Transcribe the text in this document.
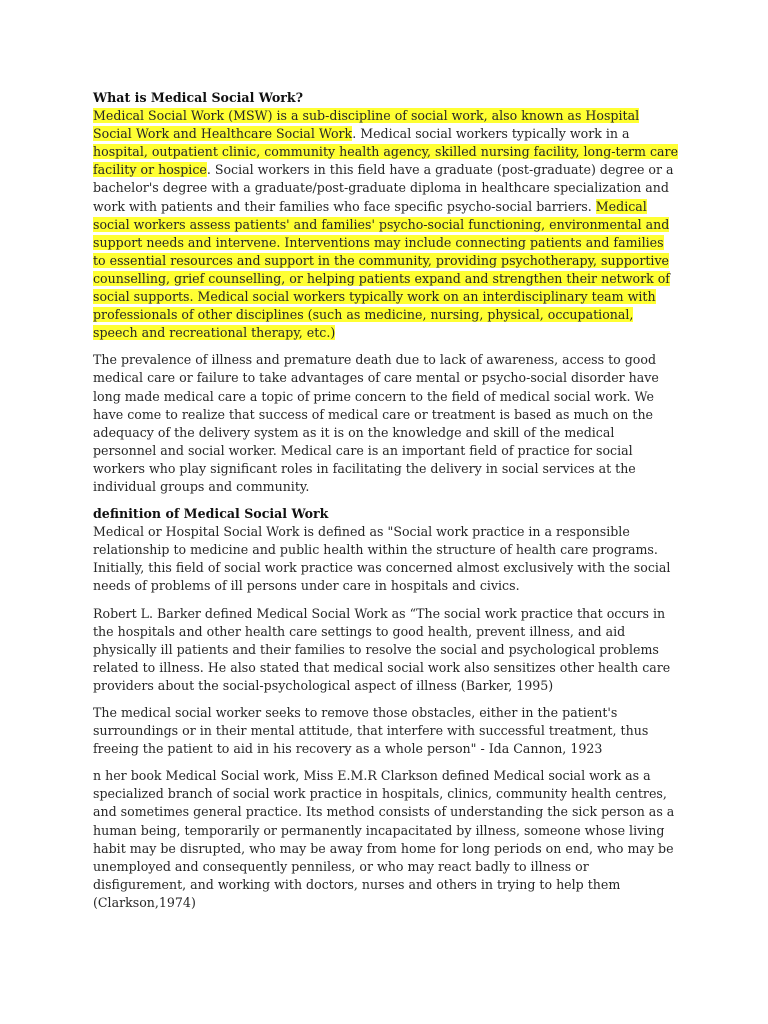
What is Medical Social Work?

Medical Social Work (MSW) is a sub-discipline of social work, also known as Hospital Social Work and Healthcare Social Work. Medical social workers typically work in a hospital, outpatient clinic, community health agency, skilled nursing facility, long-term care facility or hospice. Social workers in this field have a graduate (post-graduate) degree or a bachelor's degree with a graduate/post-graduate diploma in healthcare specialization and work with patients and their families who face specific psycho-social barriers. Medical social workers assess patients' and families' psycho-social functioning, environmental and support needs and intervene. Interventions may include connecting patients and families to essential resources and support in the community, providing psychotherapy, supportive counselling, grief counselling, or helping patients expand and strengthen their network of social supports. Medical social workers typically work on an interdisciplinary team with professionals of other disciplines (such as medicine, nursing, physical, occupational, speech and recreational therapy, etc.)

The prevalence of illness and premature death due to lack of awareness, access to good medical care or failure to take advantages of care mental or psycho-social disorder have long made medical care a topic of prime concern to the field of medical social work. We have come to realize that success of medical care or treatment is based as much on the adequacy of the delivery system as it is on the knowledge and skill of the medical personnel and social worker. Medical care is an important field of practice for social workers who play significant roles in facilitating the delivery in social services at the individual groups and community.

definition of Medical Social Work

Medical or Hospital Social Work is defined as "Social work practice in a responsible relationship to medicine and public health within the structure of health care programs. Initially, this field of social work practice was concerned almost exclusively with the social needs of problems of ill persons under care in hospitals and civics.

Robert L. Barker defined Medical Social Work as “The social work practice that occurs in the hospitals and other health care settings to good health, prevent illness, and aid physically ill patients and their families to resolve the social and psychological problems related to illness. He also stated that medical social work also sensitizes other health care providers about the social-psychological aspect of illness (Barker, 1995)

The medical social worker seeks to remove those obstacles, either in the patient's surroundings or in their mental attitude, that interfere with successful treatment, thus freeing the patient to aid in his recovery as a whole person" - Ida Cannon, 1923

n her book Medical Social work, Miss E.M.R Clarkson defined Medical social work as a specialized branch of social work practice in hospitals, clinics, community health centres, and sometimes general practice. Its method consists of understanding the sick person as a human being, temporarily or permanently incapacitated by illness, someone whose living habit may be disrupted, who may be away from home for long periods on end, who may be unemployed and consequently penniless, or who may react badly to illness or disfigurement, and working with doctors, nurses and others in trying to help them (Clarkson,1974)
